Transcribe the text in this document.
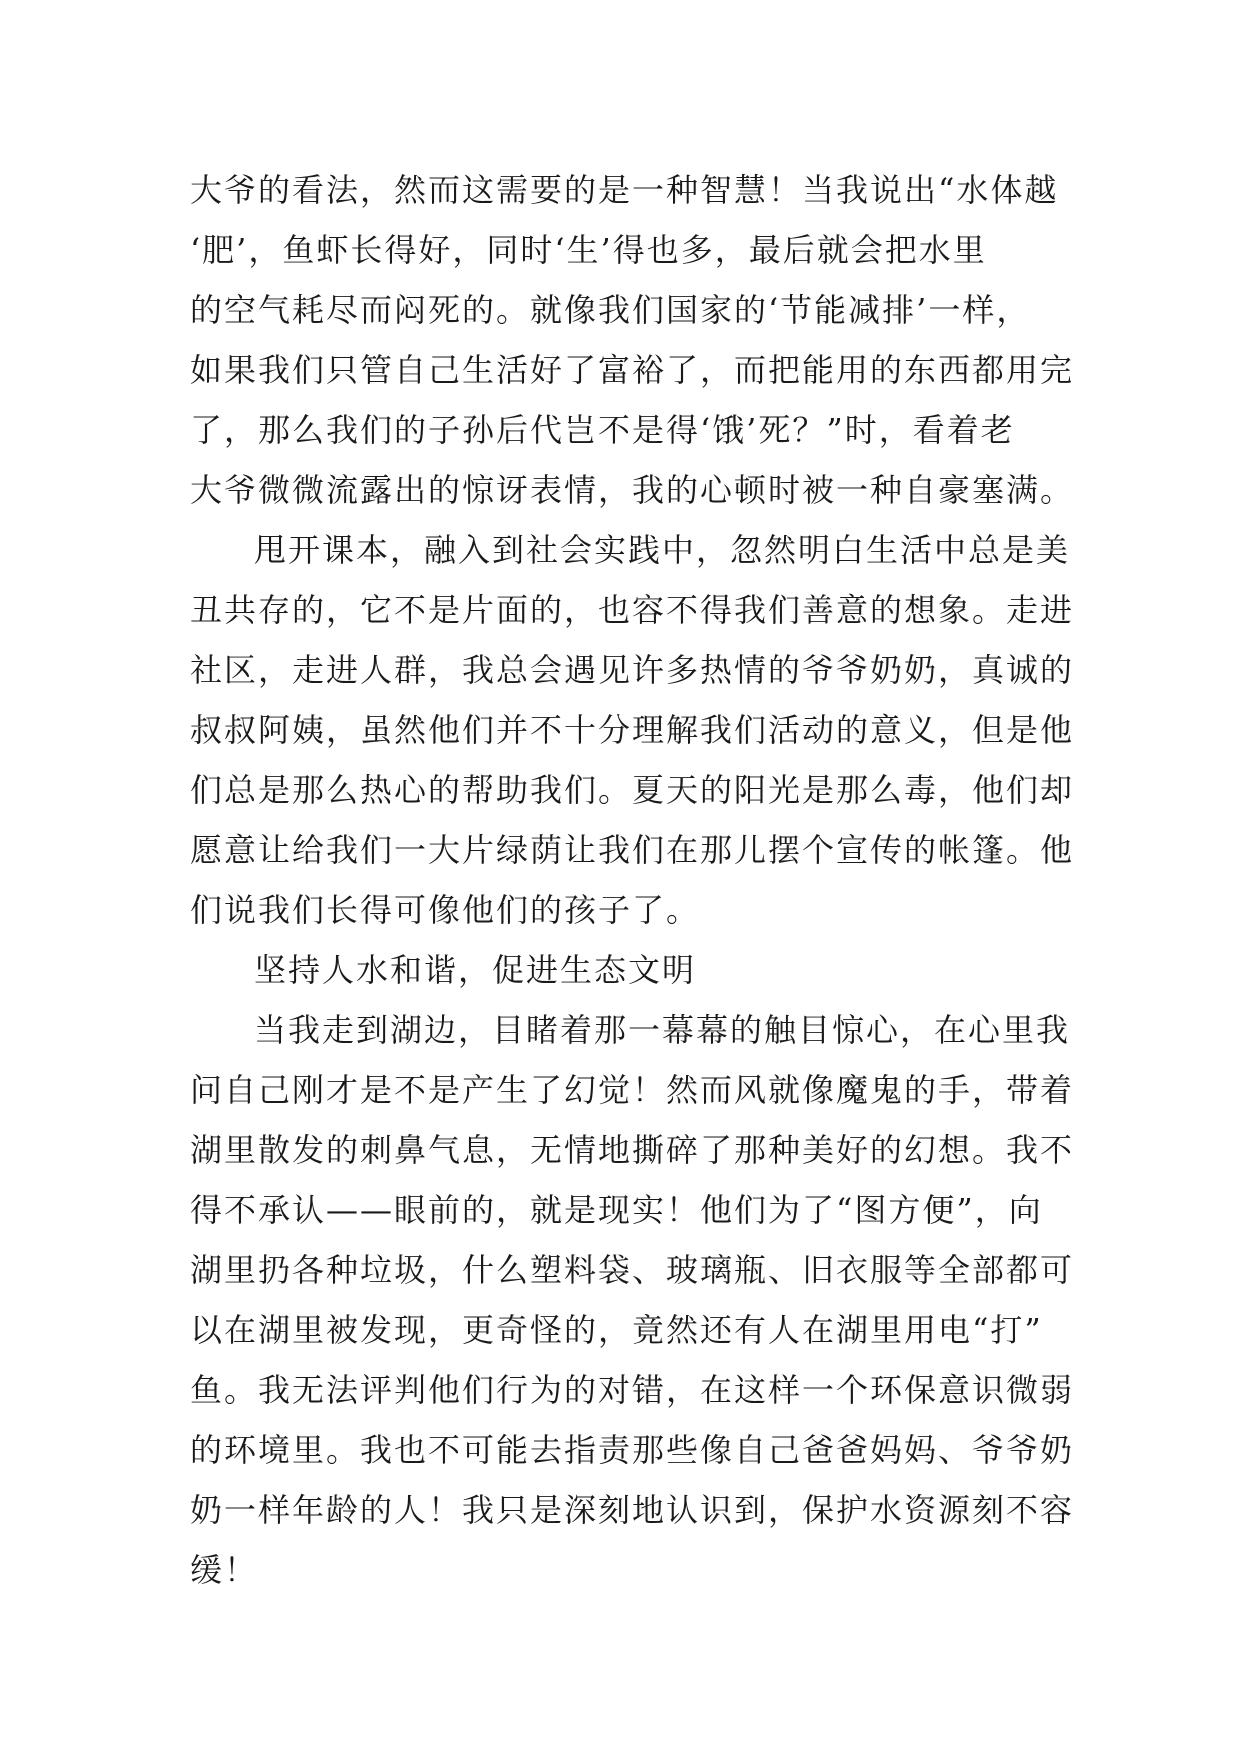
大爷的看法，然而这需要的是一种智慧！当我说出“水体越
‘肥’，鱼虾长得好，同时‘生’得也多，最后就会把水里
的空气耗尽而闷死的。就像我们国家的‘节能减排’一样，
如果我们只管自己生活好了富裕了，而把能用的东西都用完
了，那么我们的子孙后代岂不是得‘饿’死？”时，看着老
大爷微微流露出的惊讶表情，我的心顿时被一种自豪塞满。
甩开课本，融入到社会实践中，忽然明白生活中总是美
丑共存的，它不是片面的，也容不得我们善意的想象。走进
社区，走进人群，我总会遇见许多热情的爷爷奶奶，真诚的
叔叔阿姨，虽然他们并不十分理解我们活动的意义，但是他
们总是那么热心的帮助我们。夏天的阳光是那么毒，他们却
愿意让给我们一大片绿荫让我们在那儿摆个宣传的帐篷。他
们说我们长得可像他们的孩子了。
坚持人水和谐，促进生态文明
当我走到湖边，目睹着那一幕幕的触目惊心，在心里我
问自己刚才是不是产生了幻觉！然而风就像魔鬼的手，带着
湖里散发的刺鼻气息，无情地撕碎了那种美好的幻想。我不
得不承认——眼前的，就是现实！他们为了“图方便”，向
湖里扔各种垃圾，什么塑料袋、玻璃瓶、旧衣服等全部都可
以在湖里被发现，更奇怪的，竟然还有人在湖里用电“打”
鱼。我无法评判他们行为的对错，在这样一个环保意识微弱
的环境里。我也不可能去指责那些像自己爸爸妈妈、爷爷奶
奶一样年龄的人！我只是深刻地认识到，保护水资源刻不容
缓！
